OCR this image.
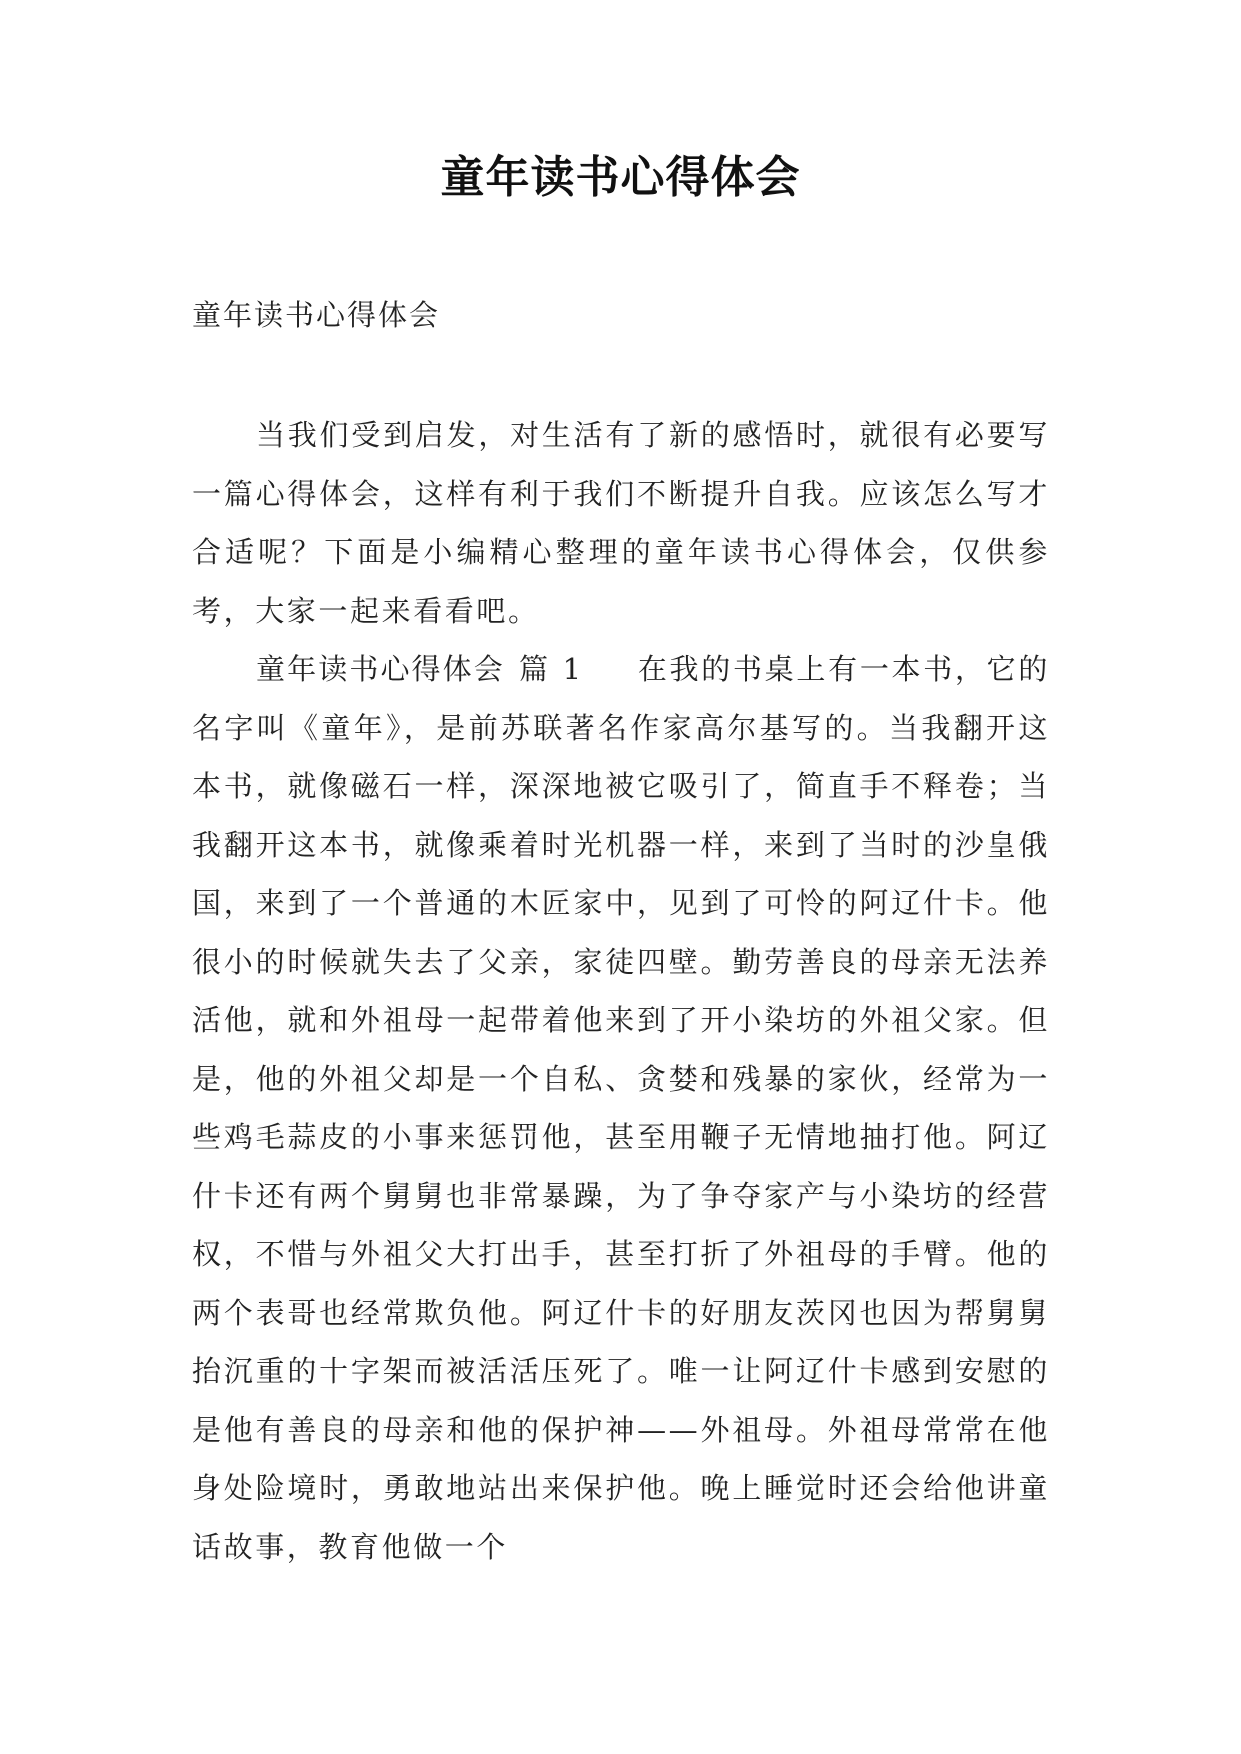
童年读书心得体会
童年读书心得体会

当我们受到启发，对生活有了新的感悟时，就很有必要写一篇心得体会，这样有利于我们不断提升自我。应该怎么写才合适呢？下面是小编精心整理的童年读书心得体会，仅供参考，大家一起来看看吧。

童年读书心得体会 篇 1 在我的书桌上有一本书，它的名字叫《童年》，是前苏联著名作家高尔基写的。当我翻开这本书，就像磁石一样，深深地被它吸引了，简直手不释卷；当我翻开这本书，就像乘着时光机器一样，来到了当时的沙皇俄国，来到了一个普通的木匠家中，见到了可怜的阿辽什卡。他很小的时候就失去了父亲，家徒四壁。勤劳善良的母亲无法养活他，就和外祖母一起带着他来到了开小染坊的外祖父家。但是，他的外祖父却是一个自私、贪婪和残暴的家伙，经常为一些鸡毛蒜皮的小事来惩罚他，甚至用鞭子无情地抽打他。阿辽什卡还有两个舅舅也非常暴躁，为了争夺家产与小染坊的经营权，不惜与外祖父大打出手，甚至打折了外祖母的手臂。他的两个表哥也经常欺负他。阿辽什卡的好朋友茨冈也因为帮舅舅抬沉重的十字架而被活活压死了。唯一让阿辽什卡感到安慰的是他有善良的母亲和他的保护神——外祖母。外祖母常常在他身处险境时，勇敢地站出来保护他。晚上睡觉时还会给他讲童话故事，教育他做一个
